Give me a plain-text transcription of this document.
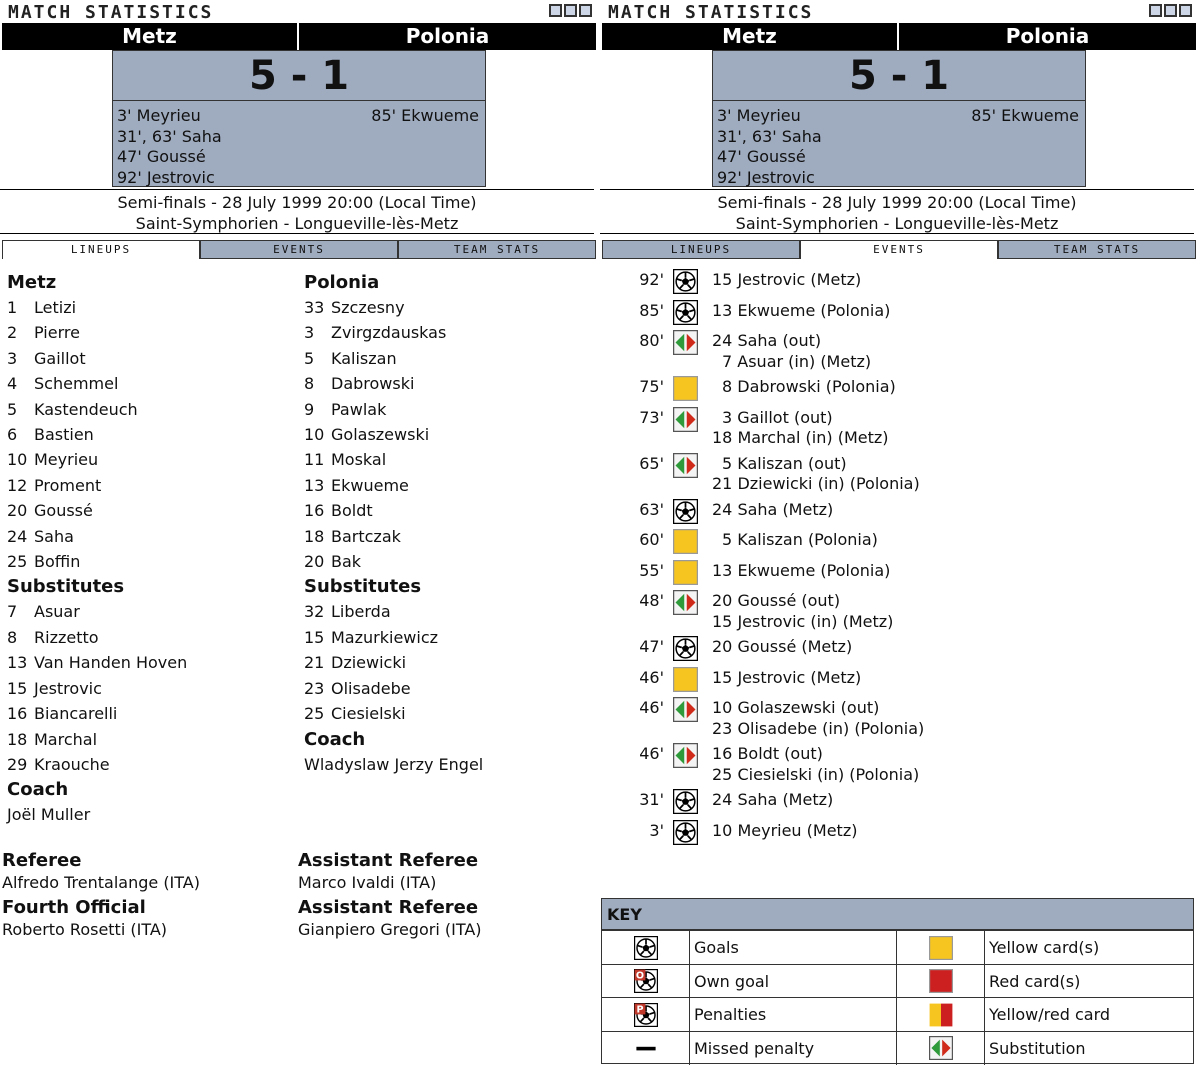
MATCH STATISTICS
Metz	Polonia
5 - 1
3' Meyrieu
31', 63' Saha
47' Goussé
92' Jestrovic
85' Ekwueme
Semi-finals - 28 July 1999 20:00 (Local Time)
Saint-Symphorien - Longueville-lès-Metz
LINEUPS	EVENTS	TEAM STATS
MATCH STATISTICS
Metz	Polonia
5 - 1
3' Meyrieu
31', 63' Saha
47' Goussé
92' Jestrovic
85' Ekwueme
Semi-finals - 28 July 1999 20:00 (Local Time)
Saint-Symphorien - Longueville-lès-Metz
LINEUPS	EVENTS	TEAM STATS
Metz
1 Letizi
2 Pierre
3 Gaillot
4 Schemmel
5 Kastendeuch
6 Bastien
10 Meyrieu
12 Proment
20 Goussé
24 Saha
25 Boffin
Substitutes
7 Asuar
8 Rizzetto
13 Van Handen Hoven
15 Jestrovic
16 Biancarelli
18 Marchal
29 Kraouche
Coach
Joël Muller
Polonia
33 Szczesny
3 Zvirgzdauskas
5 Kaliszan
8 Dabrowski
9 Pawlak
10 Golaszewski
11 Moskal
13 Ekwueme
16 Boldt
18 Bartczak
20 Bak
Substitutes
32 Liberda
15 Mazurkiewicz
21 Dziewicki
23 Olisadebe
25 Ciesielski
Coach
Wladyslaw Jerzy Engel
Referee
Alfredo Trentalange (ITA)
Assistant Referee
Marco Ivaldi (ITA)
Fourth Official
Roberto Rosetti (ITA)
Assistant Referee
Gianpiero Gregori (ITA)
92'	15 Jestrovic (Metz)
85'	13 Ekwueme (Polonia)
80'	24 Saha (out)
7 Asuar (in) (Metz)
75'	8 Dabrowski (Polonia)
73'	3 Gaillot (out)
18 Marchal (in) (Metz)
65'	5 Kaliszan (out)
21 Dziewicki (in) (Polonia)
63'	24 Saha (Metz)
60'	5 Kaliszan (Polonia)
55'	13 Ekwueme (Polonia)
48'	20 Goussé (out)
15 Jestrovic (in) (Metz)
47'	20 Goussé (Metz)
46'	15 Jestrovic (Metz)
46'	10 Golaszewski (out)
23 Olisadebe (in) (Polonia)
46'	16 Boldt (out)
25 Ciesielski (in) (Polonia)
31'	24 Saha (Metz)
3'	10 Meyrieu (Metz)
KEY
Goals	Yellow card(s)
O	Own goal	Red card(s)
P	Penalties	Yellow/red card
Missed penalty	Substitution
